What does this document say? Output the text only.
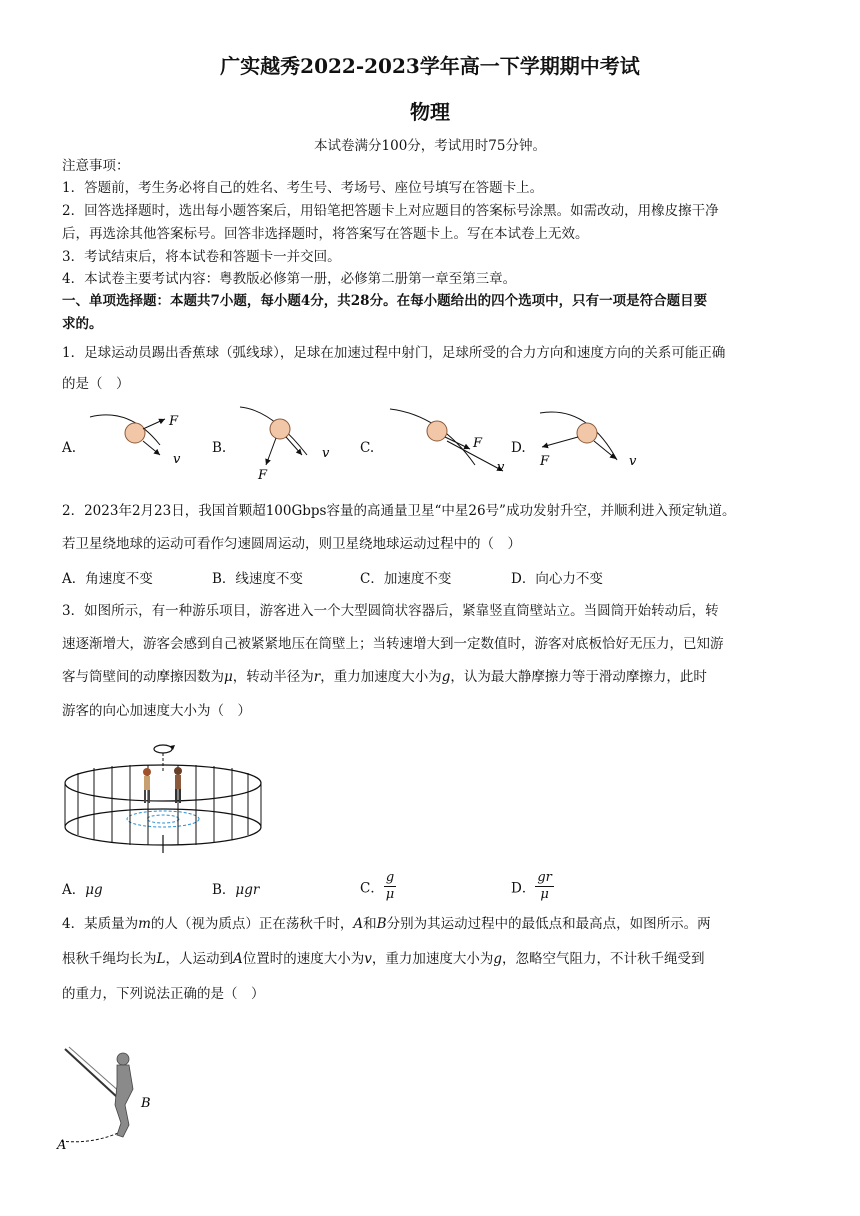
广实越秀2022-2023学年高一下学期期中考试
物理
本试卷满分100分，考试用时75分钟。
注意事项：
1．答题前，考生务必将自己的姓名、考生号、考场号、座位号填写在答题卡上。
2．回答选择题时，选出每小题答案后，用铅笔把答题卡上对应题目的答案标号涂黑。如需改动，用橡皮擦干净
后，再选涂其他答案标号。回答非选择题时，将答案写在答题卡上。写在本试卷上无效。
3．考试结束后，将本试卷和答题卡一并交回。
4．本试卷主要考试内容：粤教版必修第一册，必修第二册第一章至第三章。
一、单项选择题：本题共7小题，每小题4分，共28分。在每小题给出的四个选项中，只有一项是符合题目要
求的。
1．足球运动员踢出香蕉球（弧线球），足球在加速过程中射门，足球所受的合力方向和速度方向的关系可能正确
的是（　）
A.
F
v
B.
F
v C.	F
v
D.
F	v
2．2023年2月23日，我国首颗超100Gbps容量的高通量卫星“中星26号”成功发射升空，并顺利进入预定轨道。
若卫星绕地球的运动可看作匀速圆周运动，则卫星绕地球运动过程中的（　）
A．角速度不变	B．线速度不变	C．加速度不变	D．向心力不变
3．如图所示，有一种游乐项目，游客进入一个大型圆筒状容器后，紧靠竖直筒壁站立。当圆筒开始转动后，转
速逐渐增大，游客会感到自己被紧紧地压在筒壁上；当转速增大到一定数值时，游客对底板恰好无压力，已知游
客与筒壁间的动摩擦因数为μ，转动半径为r，重力加速度大小为g，认为最大静摩擦力等于滑动摩擦力，此时
游客的向心加速度大小为（　）
A．μg	B．μgr	C． $\frac{g}{\mu}$	D． $\frac{gr}{\mu}$
4．某质量为m的人（视为质点）正在荡秋千时，A和B分别为其运动过程中的最低点和最高点，如图所示。两
根秋千绳均长为L，人运动到A位置时的速度大小为v，重力加速度大小为g，忽略空气阻力，不计秋千绳受到
的重力，下列说法正确的是（　）
B
A
